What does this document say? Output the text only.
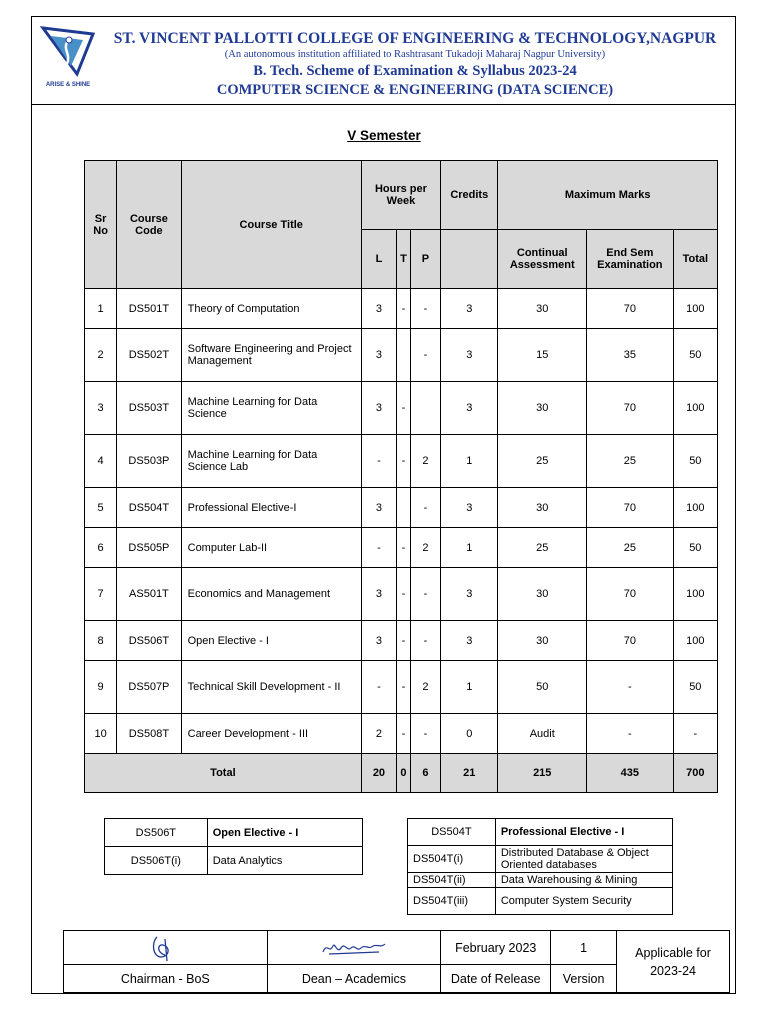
ARISE & SHINE
ST. VINCENT PALLOTTI COLLEGE OF ENGINEERING & TECHNOLOGY,NAGPUR
(An autonomous institution affiliated to Rashtrasant Tukadoji Maharaj Nagpur University)
B. Tech. Scheme of Examination & Syllabus 2023-24
COMPUTER SCIENCE & ENGINEERING (DATA SCIENCE)
V Semester
Sr No	Course Code	Course Title	Hours per Week			Credits	Maximum Marks		
			L	T	P		Continual Assessment	End Sem Examination	Total
1	DS501T	Theory of Computation	3	-	-	3	30	70	100
2	DS502T	Software Engineering and Project Management	3		-	3	15	35	50
3	DS503T	Machine Learning for Data Science	3	-		3	30	70	100
4	DS503P	Machine Learning for Data Science Lab	-	-	2	1	25	25	50
5	DS504T	Professional Elective-I	3		-	3	30	70	100
6	DS505P	Computer Lab-II	-	-	2	1	25	25	50
7	AS501T	Economics and Management	3	-	-	3	30	70	100
8	DS506T	Open Elective - I	3	-	-	3	30	70	100
9	DS507P	Technical Skill Development - II	-	-	2	1	50	-	50
10	DS508T	Career Development - III	2	-	-	0	Audit	-	-
Total			20	0	6	21	215	435	700
DS506T	Open Elective - I
DS506T(i)	Data Analytics
DS504T	Professional Elective - I
DS504T(i)	Distributed Database & Object Oriented databases
DS504T(ii)	Data Warehousing & Mining
DS504T(iii)	Computer System Security

	February 2023	1	Applicable for 2023-24
Chairman - BoS	Dean – Academics	Date of Release	Version	
